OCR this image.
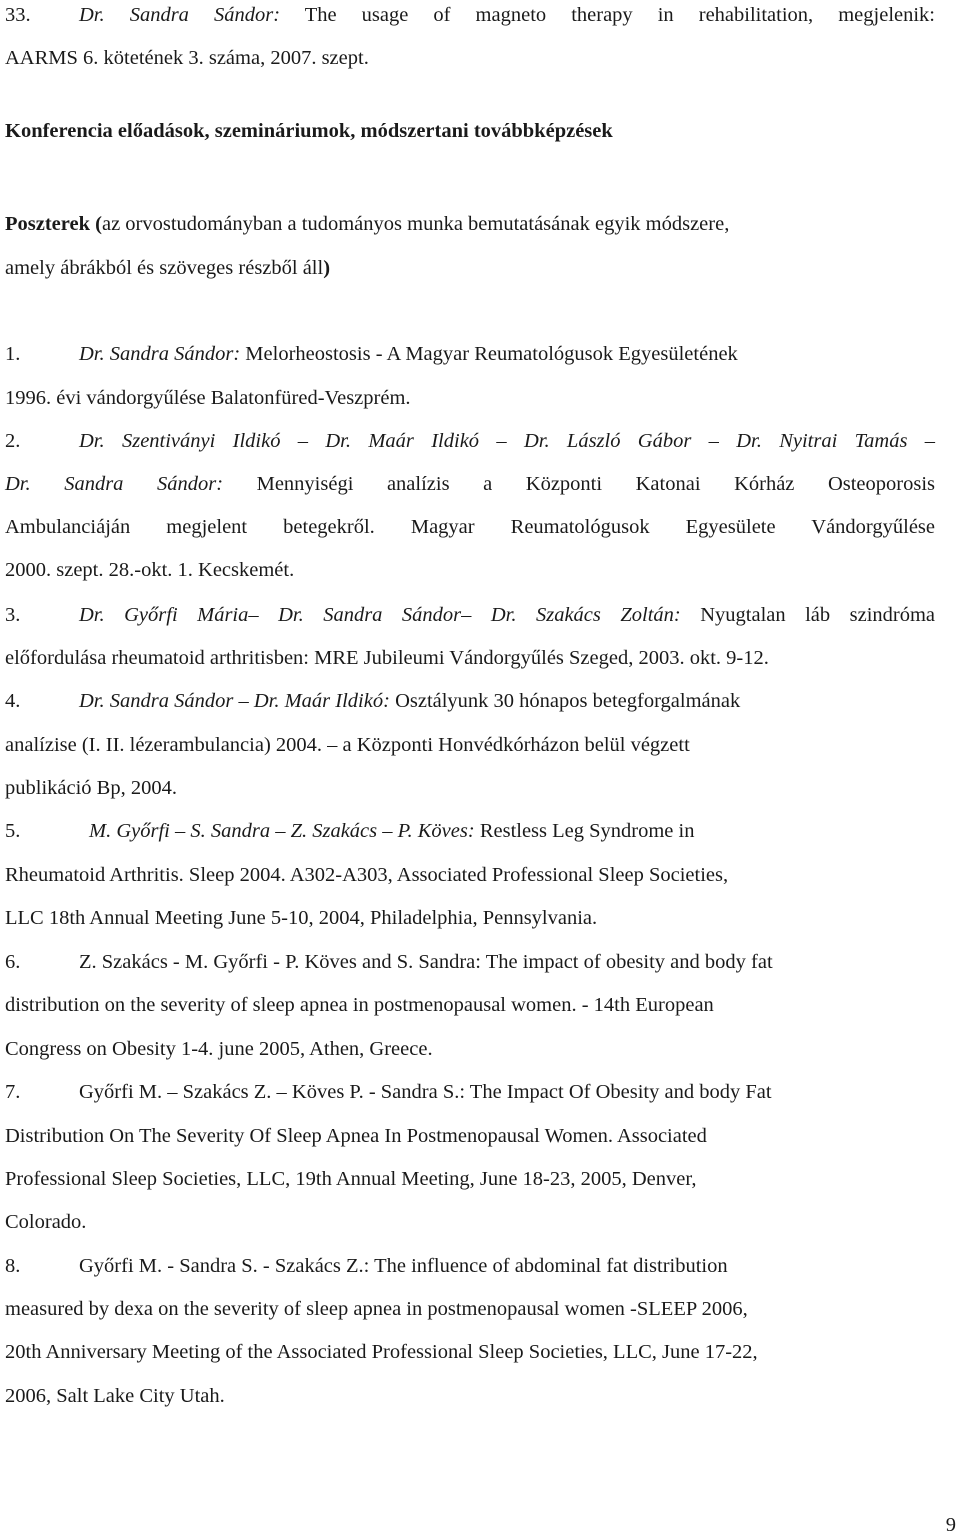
33. Dr. Sandra Sándor: The usage of magneto therapy in rehabilitation, megjelenik:
AARMS 6. kötetének 3. száma, 2007. szept.
Konferencia előadások, szemináriumok, módszertani továbbképzések
Poszterek (az orvostudományban a tudományos munka bemutatásának egyik módszere,
amely ábrákból és szöveges részből áll)
1.	Dr. Sandra Sándor: Melorheostosis - A Magyar Reumatológusok Egyesületének
1996. évi vándorgyűlése Balatonfüred-Veszprém.
2.	Dr. Szentiványi Ildikó – Dr. Maár Ildikó – Dr. László Gábor – Dr. Nyitrai Tamás –
Dr. Sandra Sándor: Mennyiségi analízis a Központi Katonai Kórház Osteoporosis
Ambulanciáján megjelent betegekről. Magyar Reumatológusok Egyesülete Vándorgyűlése
2000. szept. 28.-okt. 1. Kecskemét.
3.	Dr. Győrfi Mária– Dr. Sandra Sándor– Dr. Szakács Zoltán: Nyugtalan láb szindróma
előfordulása rheumatoid arthritisben: MRE Jubileumi Vándorgyűlés Szeged, 2003. okt. 9-12.
4.	Dr. Sandra Sándor – Dr. Maár Ildikó: Osztályunk 30 hónapos betegforgalmának
analízise (I. II. lézerambulancia) 2004. – a Központi Honvédkórházon belül végzett
publikáció Bp, 2004.
5.	M. Győrfi – S. Sandra – Z. Szakács – P. Köves: Restless Leg Syndrome in
Rheumatoid Arthritis. Sleep 2004. A302-A303, Associated Professional Sleep Societies,
LLC 18th Annual Meeting June 5-10, 2004, Philadelphia, Pennsylvania.
6.	Z. Szakács - M. Győrfi - P. Köves and S. Sandra: The impact of obesity and body fat
distribution on the severity of sleep apnea in postmenopausal women. - 14th European
Congress on Obesity 1-4. june 2005, Athen, Greece.
7.	Győrfi M. – Szakács Z. – Köves P. - Sandra S.: The Impact Of Obesity and body Fat
Distribution On The Severity Of Sleep Apnea In Postmenopausal Women. Associated
Professional Sleep Societies, LLC, 19th Annual Meeting, June 18-23, 2005, Denver,
Colorado.
8.	Győrfi M. - Sandra S. - Szakács Z.: The influence of abdominal fat distribution
measured by dexa on the severity of sleep apnea in postmenopausal women -SLEEP 2006,
20th Anniversary Meeting of the Associated Professional Sleep Societies, LLC, June 17-22,
2006, Salt Lake City Utah.
9
